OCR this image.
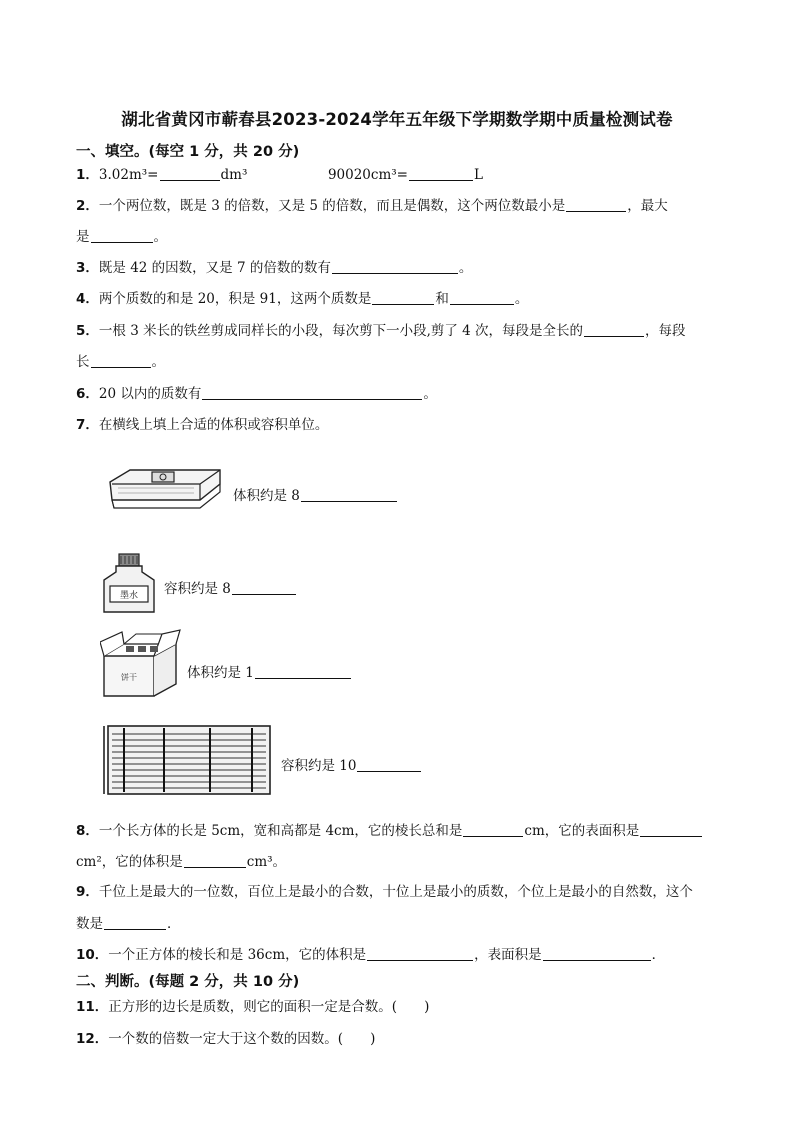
湖北省黄冈市蕲春县2023-2024学年五年级下学期数学期中质量检测试卷
一、填空。(每空 1 分，共 20 分)
1．3.02m³=	dm³	90020cm³=	L
2．一个两位数，既是 3 的倍数，又是 5 的倍数，而且是偶数，这个两位数最小是	，最大
是	。
3．既是 42 的因数，又是 7 的倍数的数有	。
4．两个质数的和是 20，积是 91，这两个质数是	和	。
5．一根 3 米长的铁丝剪成同样长的小段，每次剪下一小段,剪了 4 次，每段是全长的	，每段
长	。
6．20 以内的质数有	。
7．在横线上填上合适的体积或容积单位。
体积约是 8
墨水 容积约是 8
饼干	体积约是 1
容积约是 10
8．一个长方体的长是 5cm，宽和高都是 4cm，它的棱长总和是	cm，它的表面积是
cm²，它的体积是	cm³。
9．千位上是最大的一位数，百位上是最小的合数，十位上是最小的质数，个位上是最小的自然数，这个
数是	．
10．一个正方体的棱长和是 36cm，它的体积是	，表面积是	．
二、判断。(每题 2 分，共 10 分)
11．正方形的边长是质数，则它的面积一定是合数。(　　)
12．一个数的倍数一定大于这个数的因数。(　　)
